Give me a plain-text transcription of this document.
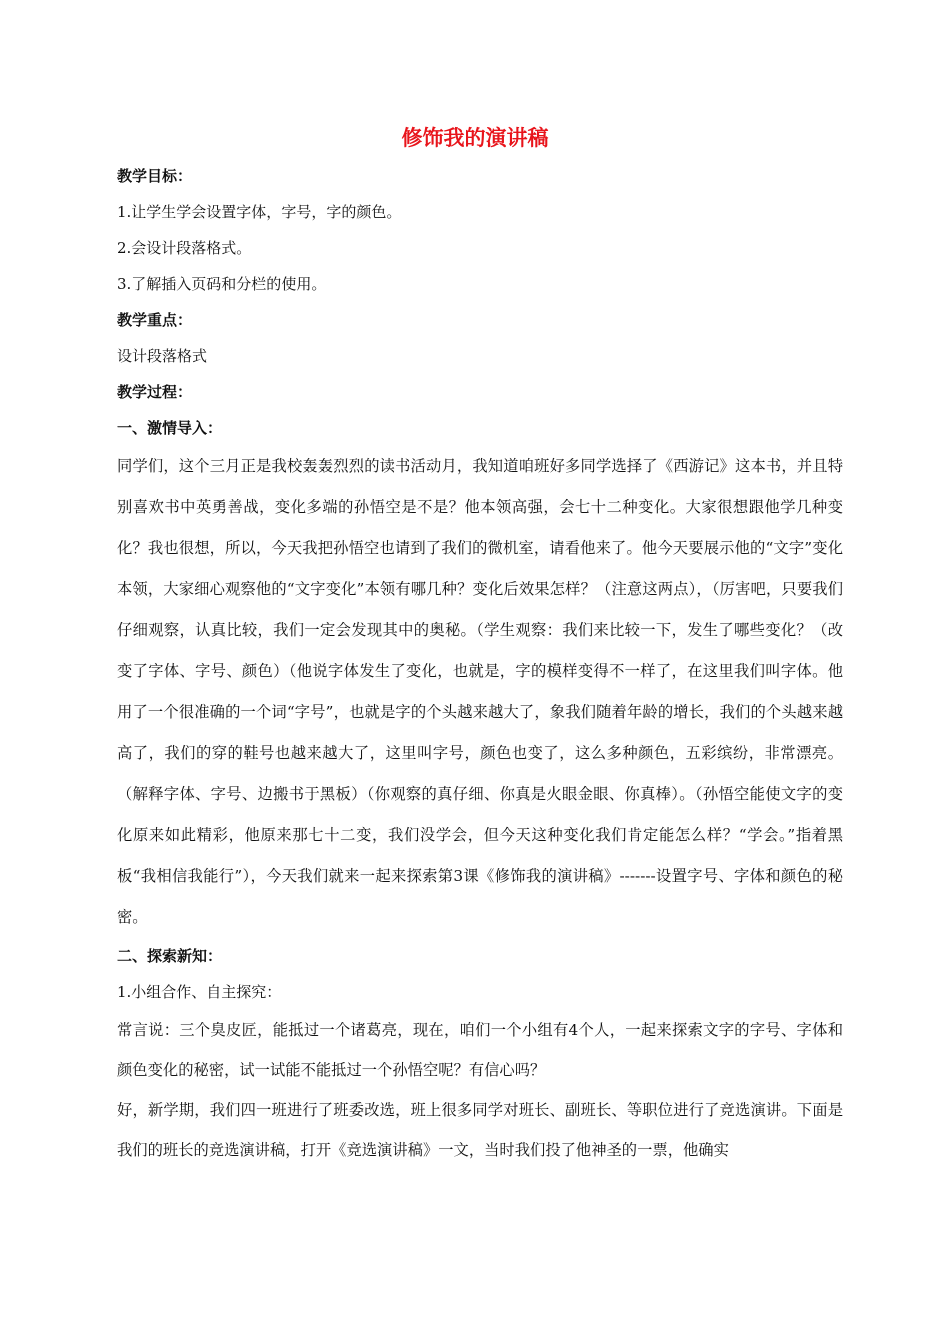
修饰我的演讲稿

教学目标：

1.让学生学会设置字体，字号，字的颜色。

2.会设计段落格式。

3.了解插入页码和分栏的使用。

教学重点：

设计段落格式

教学过程：

一、激情导入：

同学们，这个三月正是我校轰轰烈烈的读书活动月，我知道咱班好多同学选择了《西游记》这本书，并且特别喜欢书中英勇善战，变化多端的孙悟空是不是？他本领高强，会七十二种变化。大家很想跟他学几种变化？我也很想，所以，今天我把孙悟空也请到了我们的微机室，请看他来了。他今天要展示他的“文字”变化本领，大家细心观察他的“文字变化”本领有哪几种？变化后效果怎样？（注意这两点），（厉害吧，只要我们仔细观察，认真比较，我们一定会发现其中的奥秘。（学生观察：我们来比较一下，发生了哪些变化？（改变了字体、字号、颜色）（他说字体发生了变化，也就是，字的模样变得不一样了，在这里我们叫字体。他用了一个很准确的一个词“字号”，也就是字的个头越来越大了，象我们随着年龄的增长，我们的个头越来越高了，我们的穿的鞋号也越来越大了，这里叫字号，颜色也变了，这么多种颜色，五彩缤纷，非常漂亮。（解释字体、字号、边搬书于黑板）（你观察的真仔细、你真是火眼金眼、你真棒）。（孙悟空能使文字的变化原来如此精彩，他原来那七十二变，我们没学会，但今天这种变化我们肯定能怎么样？“学会。”指着黑板“我相信我能行”），今天我们就来一起来探索第3课《修饰我的演讲稿》-------设置字号、字体和颜色的秘密。

二、探索新知：

1.小组合作、自主探究：

常言说：三个臭皮匠，能抵过一个诸葛亮，现在，咱们一个小组有4个人，一起来探索文字的字号、字体和颜色变化的秘密，试一试能不能抵过一个孙悟空呢？有信心吗？

好，新学期，我们四一班进行了班委改选，班上很多同学对班长、副班长、等职位进行了竞选演讲。下面是我们的班长的竞选演讲稿，打开《竞选演讲稿》一文，当时我们投了他神圣的一票，他确实
